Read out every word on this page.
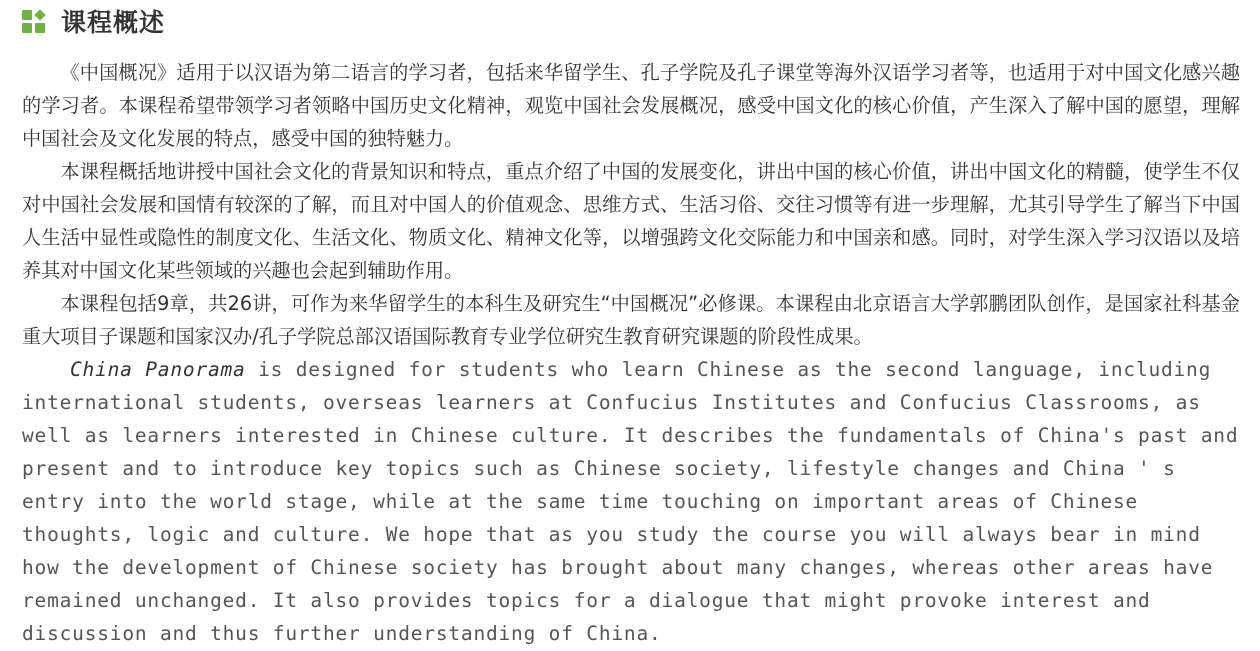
课程概述

《中国概况》适用于以汉语为第二语言的学习者，包括来华留学生、孔子学院及孔子课堂等海外汉语学习者等，也适用于对中国文化感兴趣的学习者。本课程希望带领学习者领略中国历史文化精神，观览中国社会发展概况，感受中国文化的核心价值，产生深入了解中国的愿望，理解中国社会及文化发展的特点，感受中国的独特魅力。

本课程概括地讲授中国社会文化的背景知识和特点，重点介绍了中国的发展变化，讲出中国的核心价值，讲出中国文化的精髓，使学生不仅对中国社会发展和国情有较深的了解，而且对中国人的价值观念、思维方式、生活习俗、交往习惯等有进一步理解，尤其引导学生了解当下中国人生活中显性或隐性的制度文化、生活文化、物质文化、精神文化等，以增强跨文化交际能力和中国亲和感。同时，对学生深入学习汉语以及培养其对中国文化某些领域的兴趣也会起到辅助作用。

本课程包括9章，共26讲，可作为来华留学生的本科生及研究生“中国概况”必修课。本课程由北京语言大学郭鹏团队创作，是国家社科基金重大项目子课题和国家汉办/孔子学院总部汉语国际教育专业学位研究生教育研究课题的阶段性成果。

China Panorama is designed for students who learn Chinese as the second language, including international students, overseas learners at Confucius Institutes and Confucius Classrooms, as well as learners interested in Chinese culture. It describes the fundamentals of China's past and present and to introduce key topics such as Chinese society, lifestyle changes and China ' s entry into the world stage, while at the same time touching on important areas of Chinese thoughts, logic and culture. We hope that as you study the course you will always bear in mind how the development of Chinese society has brought about many changes, whereas other areas have remained unchanged. It also provides topics for a dialogue that might provoke interest and discussion and thus further understanding of China.
